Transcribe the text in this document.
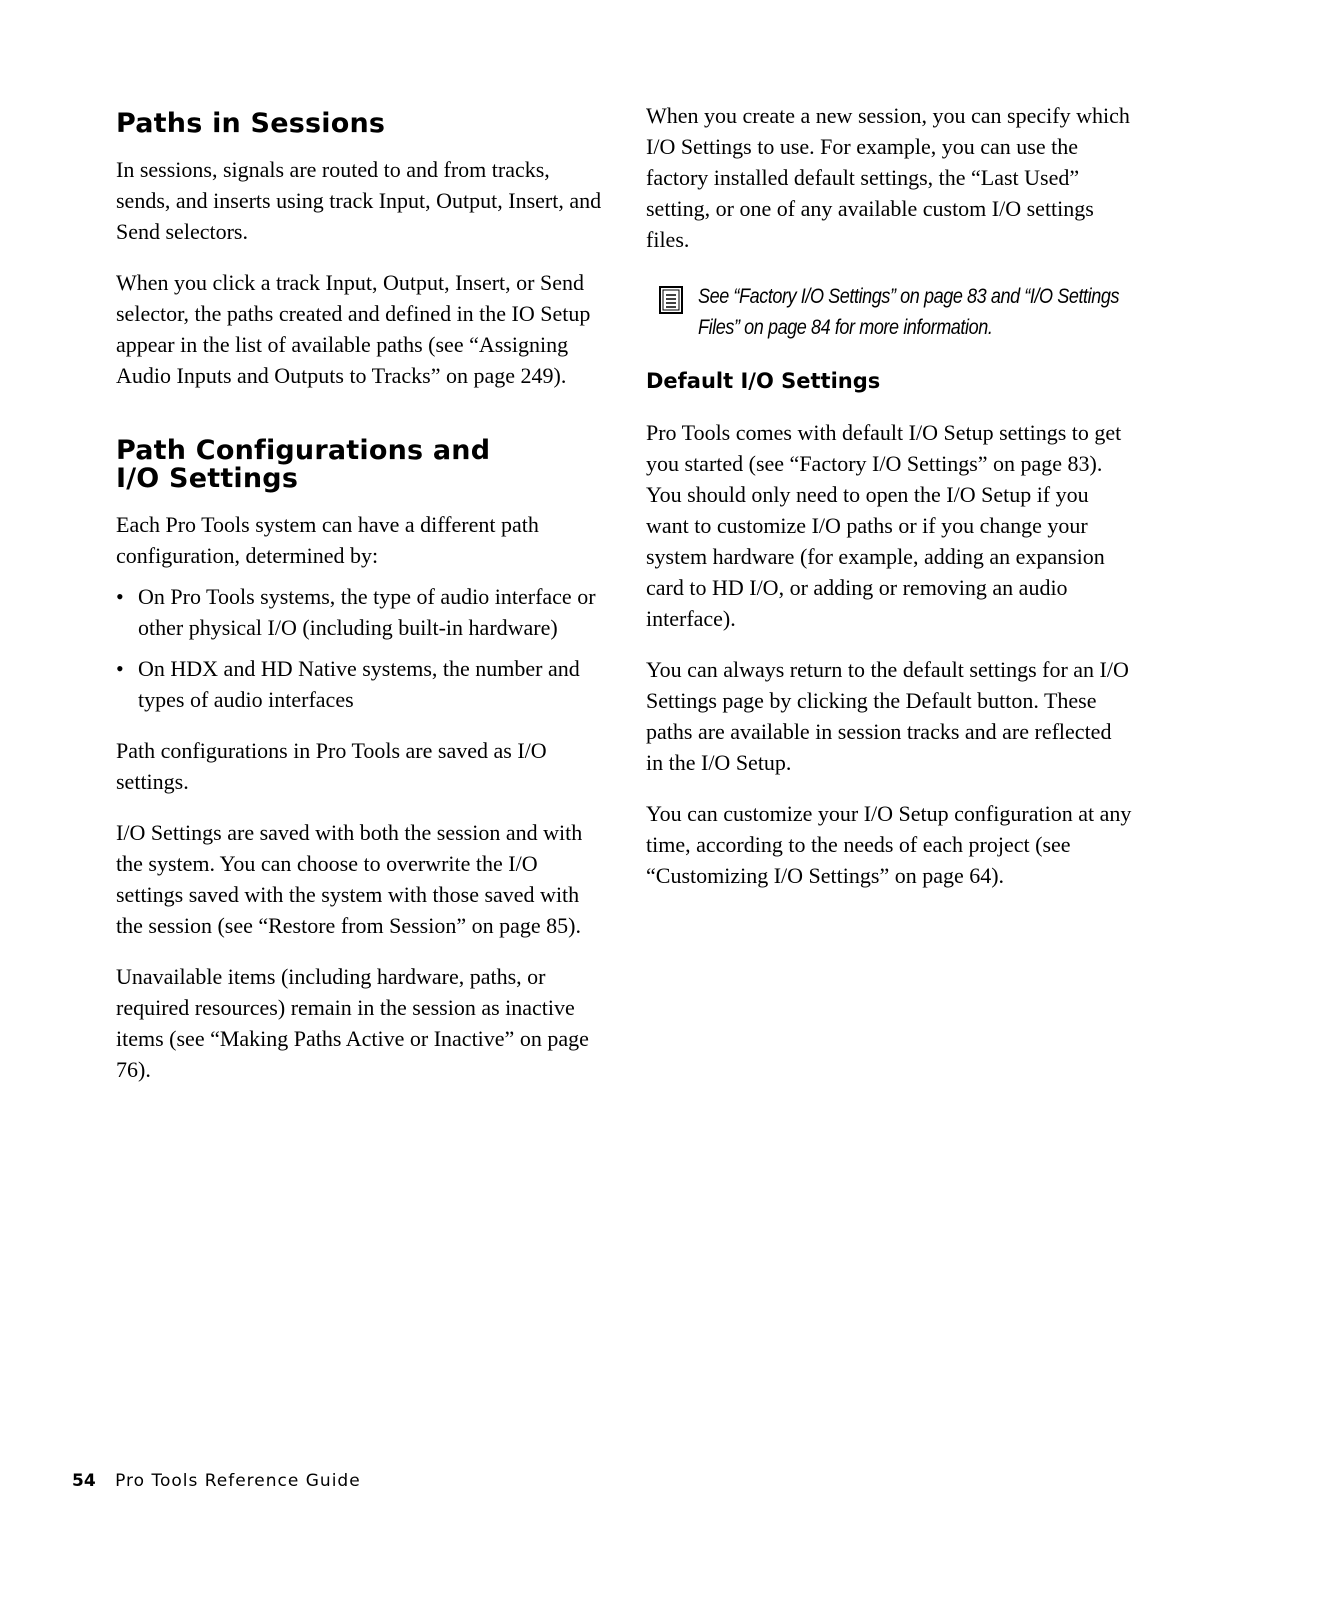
Paths in Sessions

In sessions, signals are routed to and from tracks, sends, and inserts using track Input, Output, Insert, and Send selectors.

When you click a track Input, Output, Insert, or Send selector, the paths created and defined in the IO Setup appear in the list of available paths (see “Assigning Audio Inputs and Outputs to Tracks” on page 249).

Path Configurations and
I/O Settings

Each Pro Tools system can have a different path configuration, determined by:

• On Pro Tools systems, the type of audio interface or other physical I/O (including built-in hardware)
• On HDX and HD Native systems, the number and types of audio interfaces

Path configurations in Pro Tools are saved as I/O settings.

I/O Settings are saved with both the session and with the system. You can choose to overwrite the I/O settings saved with the system with those saved with the session (see “Restore from Session” on page 85).

Unavailable items (including hardware, paths, or required resources) remain in the session as inactive items (see “Making Paths Active or Inactive” on page 76).

When you create a new session, you can specify which I/O Settings to use. For example, you can use the factory installed default settings, the “Last Used” setting, or one of any available custom I/O settings files.

See “Factory I/O Settings” on page 83 and “I/O Settings Files” on page 84 for more information.
Default I/O Settings

Pro Tools comes with default I/O Setup settings to get you started (see “Factory I/O Settings” on page 83). You should only need to open the I/O Setup if you want to customize I/O paths or if you change your system hardware (for example, adding an expansion card to HD I/O, or adding or removing an audio interface).

You can always return to the default settings for an I/O Settings page by clicking the Default button. These paths are available in session tracks and are reflected in the I/O Setup.

You can customize your I/O Setup configuration at any time, according to the needs of each project (see “Customizing I/O Settings” on page 64).

54 Pro Tools Reference Guide
